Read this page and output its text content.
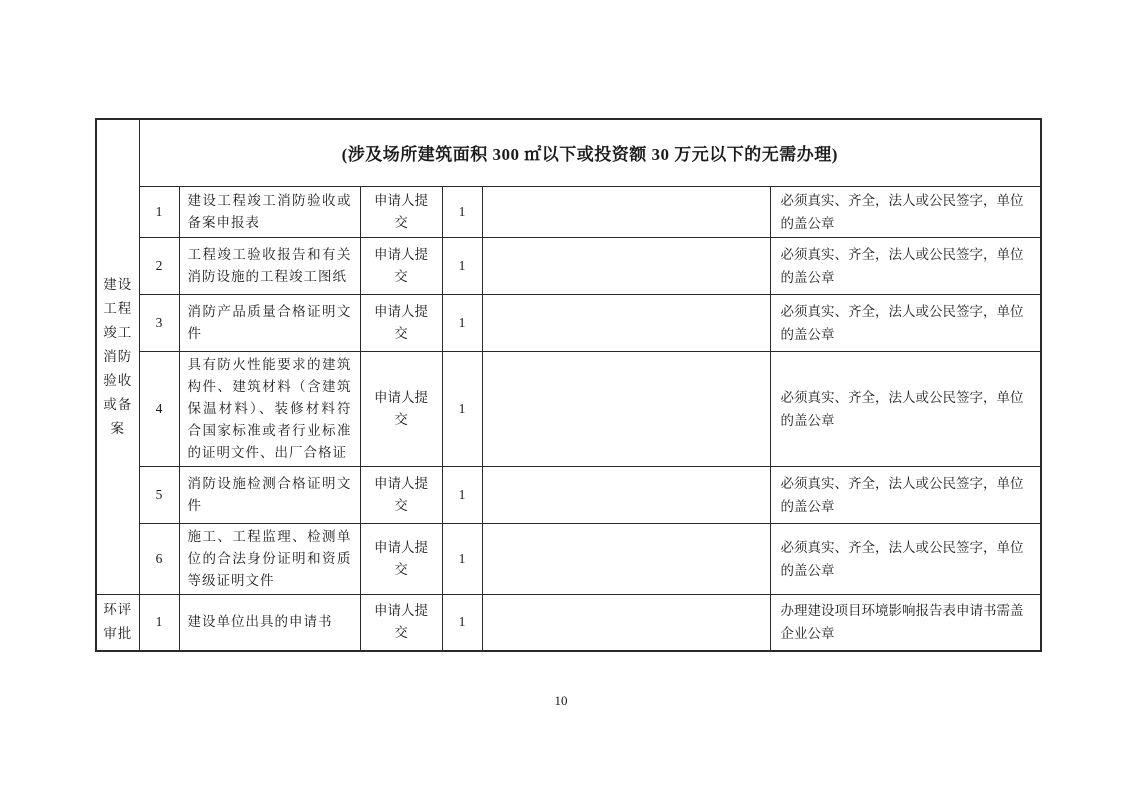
建设工程竣工消防验收或备案	(涉及场所建筑面积 300 ㎡以下或投资额 30 万元以下的无需办理)					
	1	建设工程竣工消防验收或备案申报表	申请人提交	1		必须真实、齐全，法人或公民签字，单位的盖公章
	2	工程竣工验收报告和有关消防设施的工程竣工图纸	申请人提交	1		必须真实、齐全，法人或公民签字，单位的盖公章
	3	消防产品质量合格证明文件	申请人提交	1		必须真实、齐全，法人或公民签字，单位的盖公章
	4	具有防火性能要求的建筑构件、建筑材料（含建筑保温材料）、装修材料符合国家标准或者行业标准的证明文件、出厂合格证	申请人提交	1		必须真实、齐全，法人或公民签字，单位的盖公章
	5	消防设施检测合格证明文件	申请人提交	1		必须真实、齐全，法人或公民签字，单位的盖公章
	6	施工、工程监理、检测单位的合法身份证明和资质等级证明文件	申请人提交	1		必须真实、齐全，法人或公民签字，单位的盖公章
环评审批	1	建设单位出具的申请书	申请人提交	1		办理建设项目环境影响报告表申请书需盖企业公章
10
